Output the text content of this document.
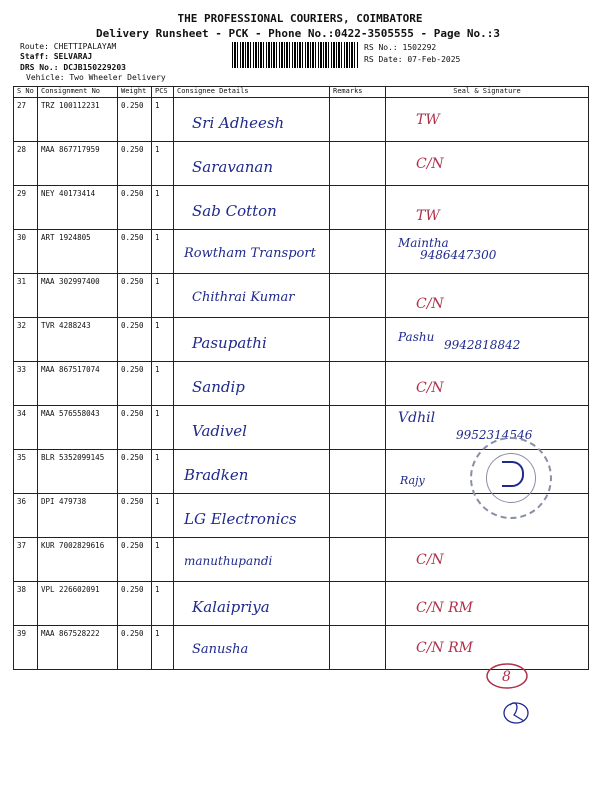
THE PROFESSIONAL COURIERS, COIMBATORE
Delivery Runsheet - PCK - Phone No.:0422-3505555 - Page No.:3
Route: CHETTIPALAYAM
Staff: SELVARAJ
DRS No.: DCJB150229203
Vehicle: Two Wheeler Delivery
RS No.: 1502292
RS Date: 07-Feb-2025
S No	Consignment No	Weight	PCS	Consignee Details	Remarks	Seal & Signature
27	TRZ 100112231	0.250	1	Sri Adheesh		TW

28	MAA 867717959	0.250	1	Saravanan		C/N

29	NEY 40173414	0.250	1	Sab Cotton		TW

30	ART 1924805	0.250	1	Rowtham Transport		Maintha
9486447300

31	MAA 302997400	0.250	1	Chithrai Kumar		C/N

32	TVR 4288243	0.250	1	Pasupathi		Pashu
9942818842

33	MAA 867517074	0.250	1	Sandip		C/N

34	MAA 576558043	0.250	1	Vadivel		Vdhil
9952314546

35	BLR 5352099145	0.250	1	Bradken		

36	DPI 479738	0.250	1	LG Electronics		Rajy

37	KUR 7002829616	0.250	1	manuthupandi		C/N

38	VPL 226602091	0.250	1	Kalaipriya		C/N RM

39	MAA 867528222	0.250	1	Sanusha		C/N RM
8
